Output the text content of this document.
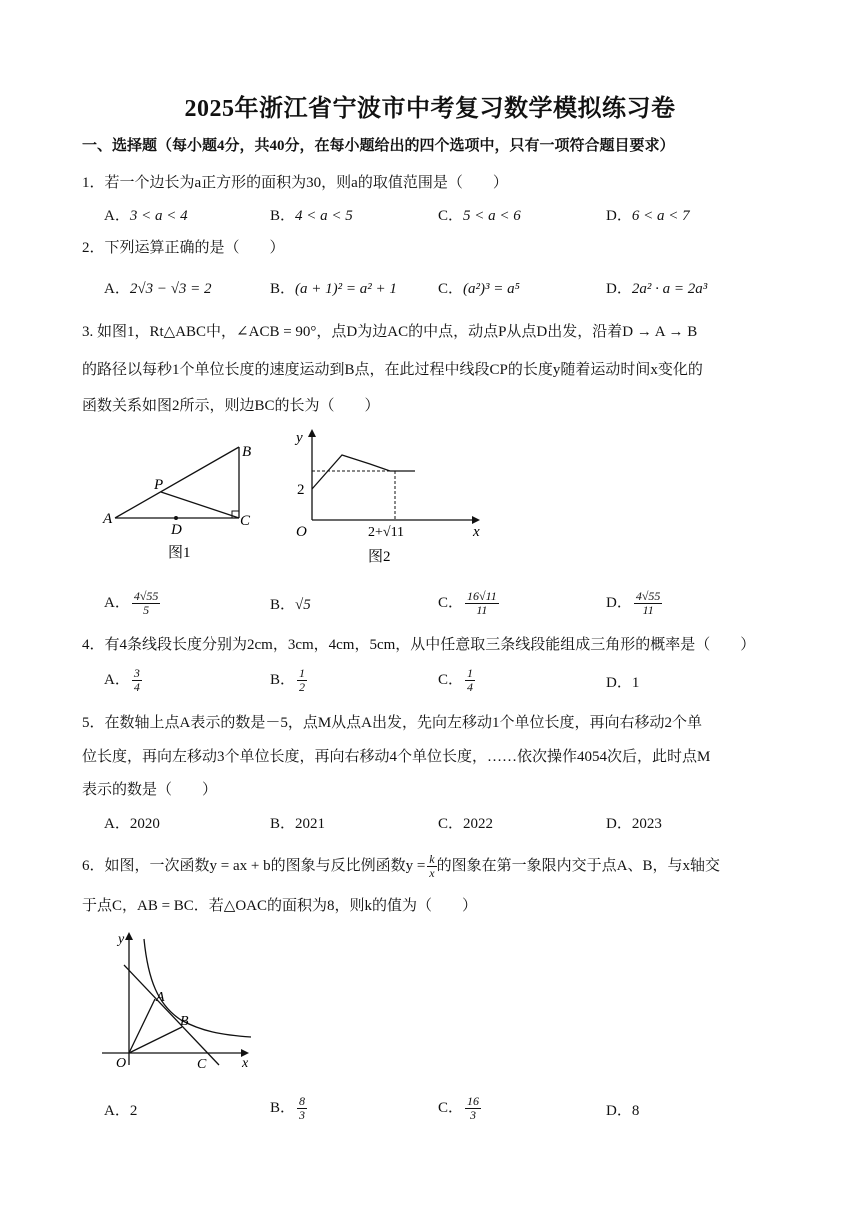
2025年浙江省宁波市中考复习数学模拟练习卷
一、选择题（每小题4分，共40分，在每小题给出的四个选项中，只有一项符合题目要求）
1．若一个边长为a正方形的面积为30，则a的取值范围是（　　）
A．3 < a < 4	B．4 < a < 5	C．5 < a < 6	D．6 < a < 7
2．下列运算正确的是（　　）
A．2√3 − √3 = 2	B．(a + 1)² = a² + 1	C．(a²)³ = a⁵	D．2a² · a = 2a³
3. 如图1，Rt△ABC中，∠ACB = 90°，点D为边AC的中点，动点P从点D出发，沿着D → A → B
的路径以每秒1个单位长度的速度运动到B点，在此过程中线段CP的长度y随着运动时间x变化的
函数关系如图2所示，则边BC的长为（　　）
A
B
C
D
P
图1
y
x
O
2
2+√11
图2
A． $\frac{4√55}{5}$	B．√5	C． $\frac{16√11}{11}$	D． $\frac{4√55}{11}$
4．有4条线段长度分别为2cm，3cm，4cm，5cm，从中任意取三条线段能组成三角形的概率是（　　）
A． $\frac{3}{4}$	B． $\frac{1}{2}$	C． $\frac{1}{4}$	D．1
5．在数轴上点A表示的数是－5，点M从点A出发，先向左移动1个单位长度，再向右移动2个单
位长度，再向左移动3个单位长度，再向右移动4个单位长度，……依次操作4054次后，此时点M
表示的数是（　　）
A．2020	B．2021	C．2022	D．2023
6．如图，一次函数y = ax + b的图象与反比例函数$y = \frac{k}{x}$ 的图象在第一象限内交于点A、B，与x轴交
于点C，AB = BC．若△OAC的面积为8，则k的值为（　　）
y
x
O
A
B
C
A．2	B． $\frac{8}{3}$	C． $\frac{16}{3}$	D．8
